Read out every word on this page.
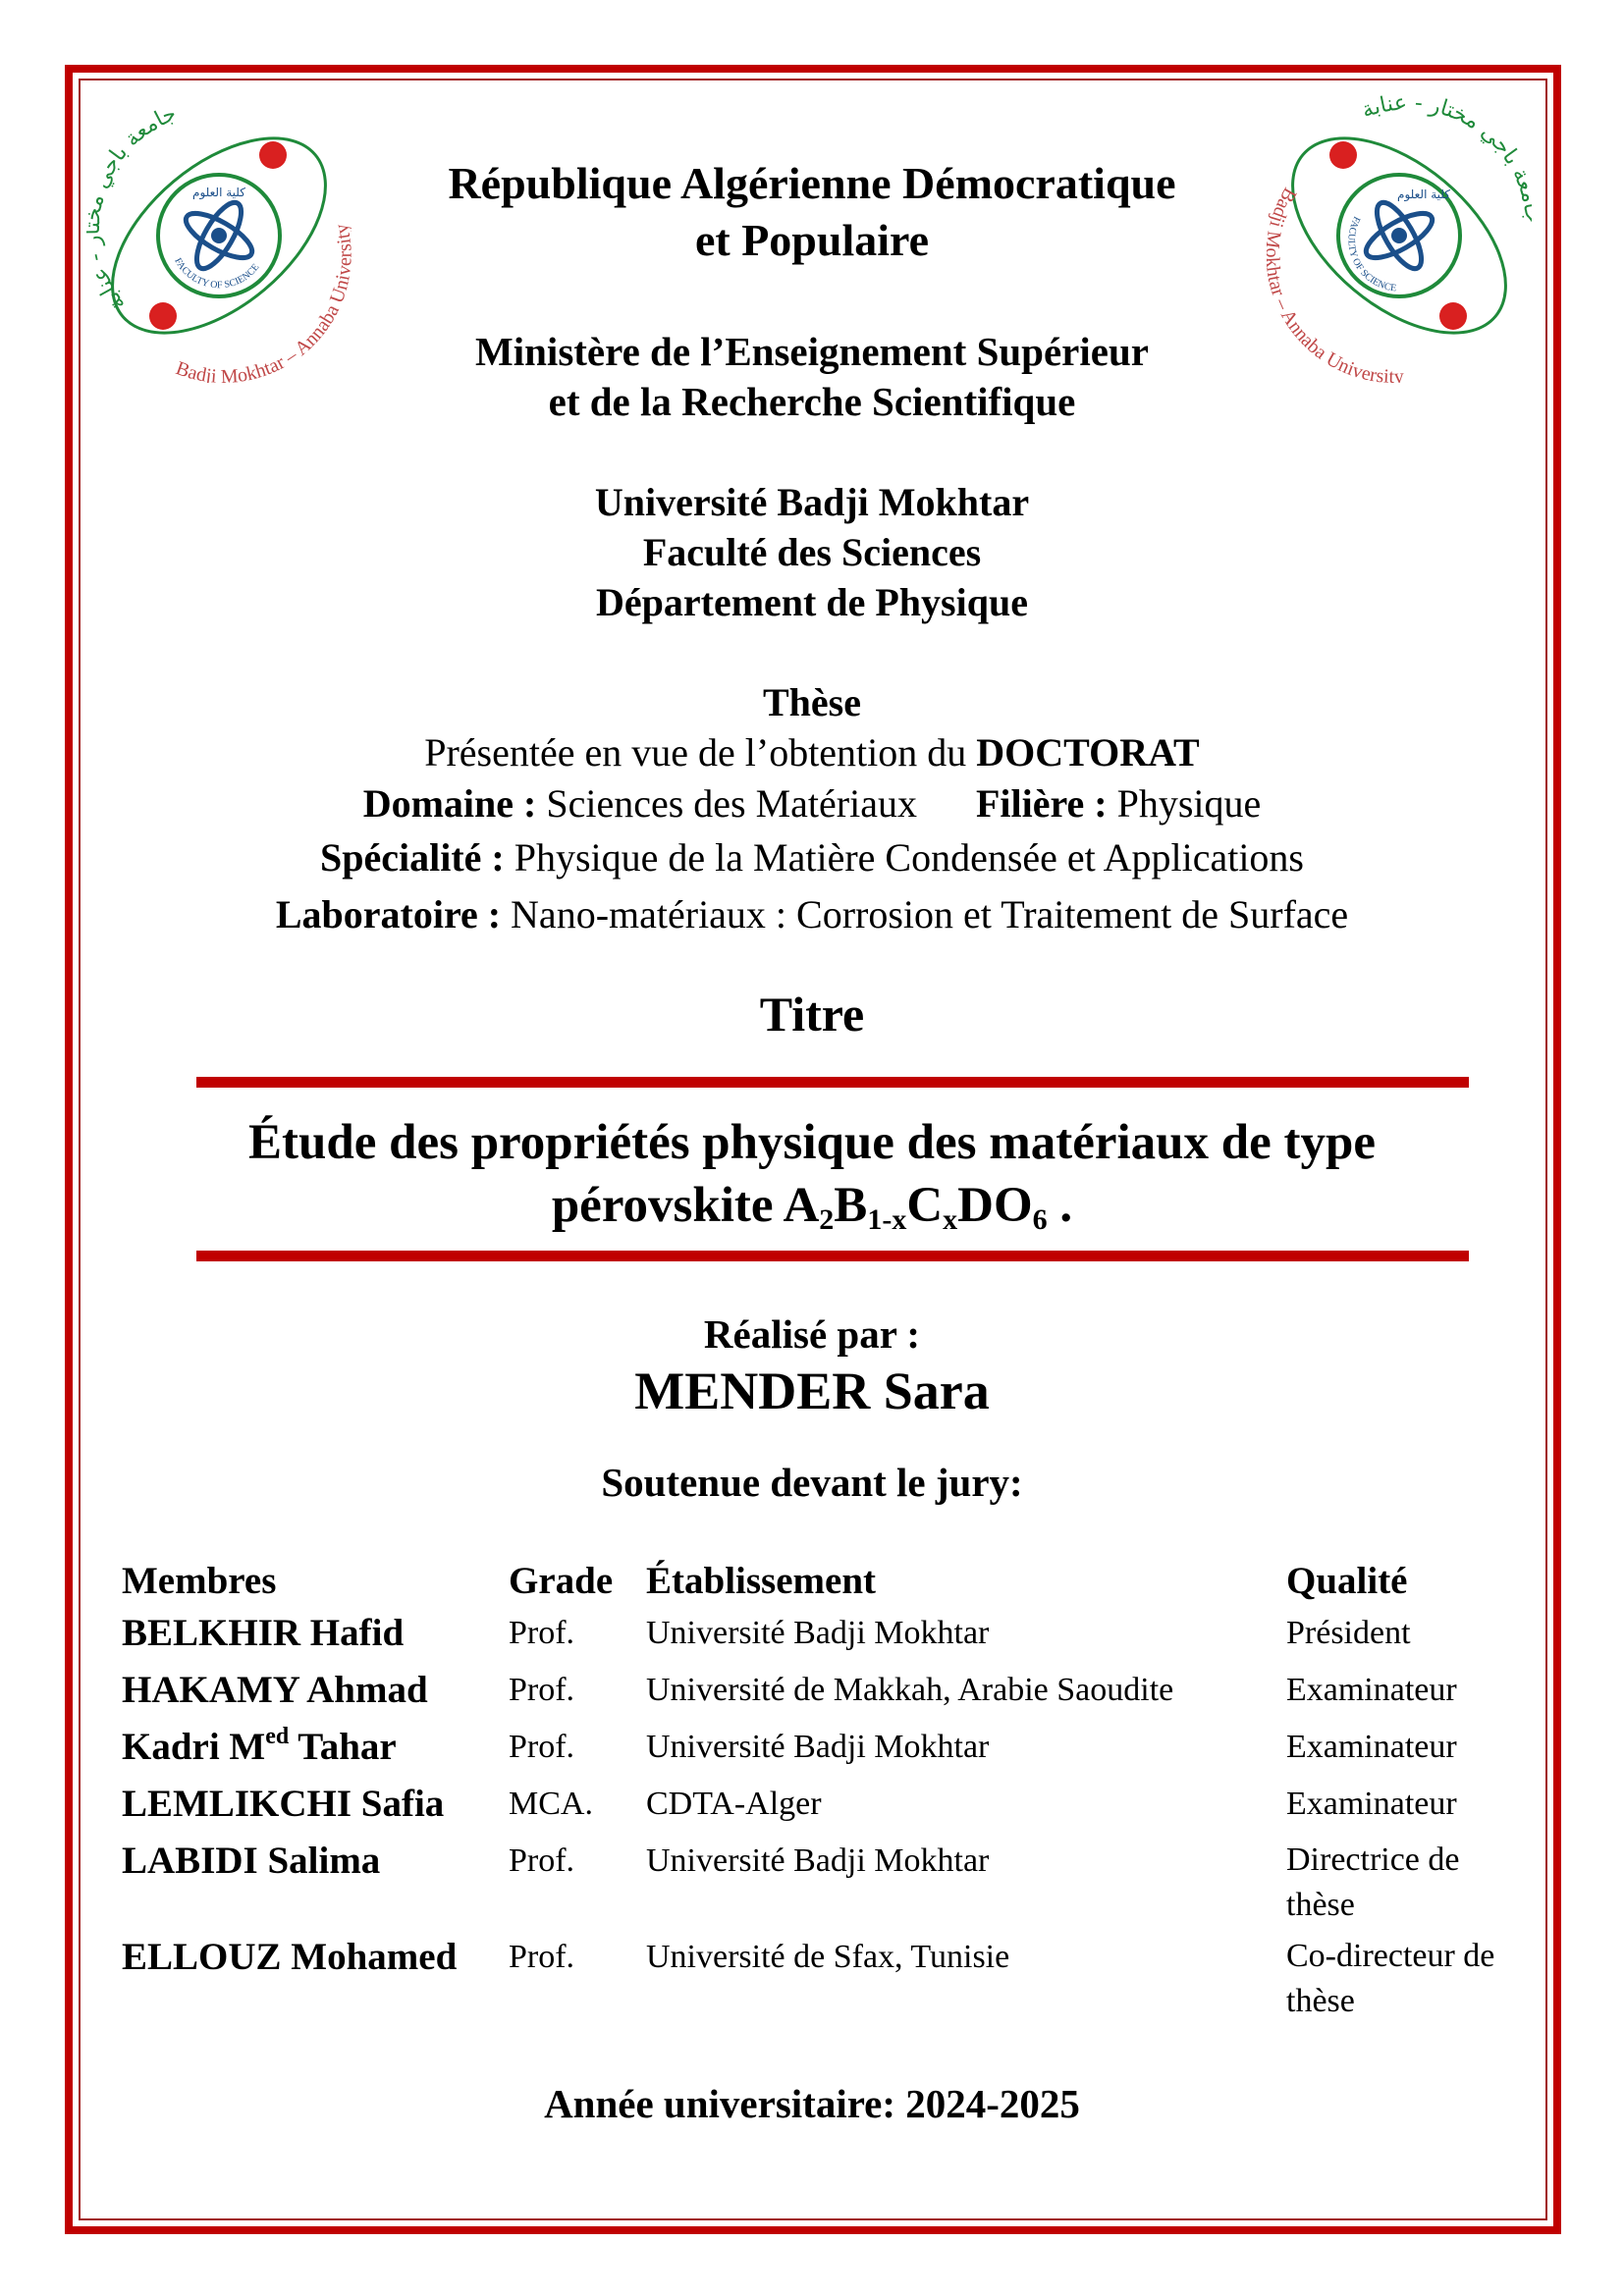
جامعة باجي عنابة
Badji Mokhtar – Annaba Un
FACULTY OF SCIENCE
كلية العلوم
ة باجي مختار - عنابة
Badji ar – Annaba University
FACULTY OF SCIENCE
كلية العلوم
République Algérienne Démocratique
et Populaire
Ministère de l’Enseignement Supérieur
et de la Recherche Scientifique
Université Badji Mokhtar
Faculté des Sciences
Département de Physique
Thèse
Présentée en vue de l’obtention du DOCTORAT
Domaine : Sciences des Matériaux Filière : Physique
Spécialité : Physique de la Matière Condensée et Applications
Laboratoire : Nano-matériaux : Corrosion et Traitement de Surface
Titre
Étude des propriétés physique des matériaux de type
pérovskite $A_2B_{1-x}C_xDO_6$ .
Réalisé par :
MENDER Sara
Soutenue devant le jury:
Membres	Grade Établissement	Qualité
BELKHIR Hafid	Prof.	Université Badji Mokhtar	Président
HAKAMY Ahmad	Prof.	Université de Makkah, Arabie Saoudite	Examinateur
Kadri $M^{ed}$ Tahar	Prof.	Université Badji Mokhtar	Examinateur
LEMLIKCHI Safia	MCA.	CDTA-Alger	Examinateur
LABIDI Salima	Prof.	Université Badji Mokhtar	Directrice de thèse
ELLOUZ Mohamed	Prof.	Université de Sfax, Tunisie	Co-directeur de thèse
Année universitaire: 2024-2025
